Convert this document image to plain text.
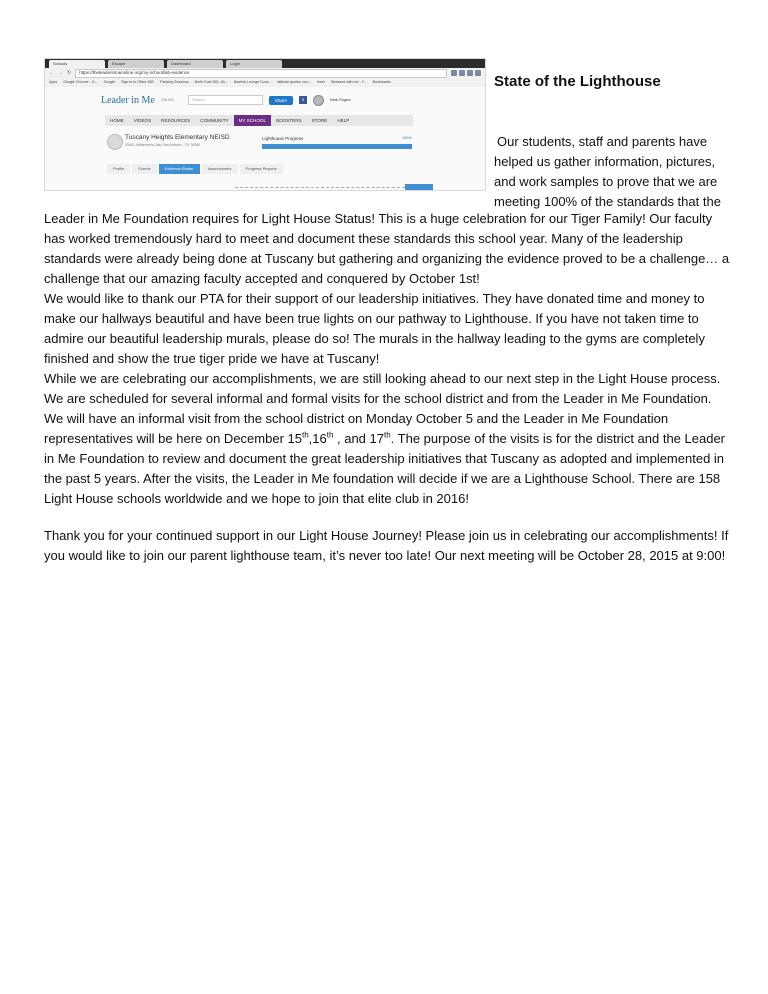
Schools	Escape	Dashboard	Login
← → ↻	https://theleaderinmeonline.org/my-school/lab-evidence
Apps Google Chrome - G... Google Sign in to Office 365 Thinking Sessions North East ISD, Uk... Bashful Lounge Cons... attitude quotes cou... Inner Stressed with me - Y... Bookmarks
Leader in Me ONLINE	Search	Share	3	Heidi Rogers
HOME	VIDEOS	RESOURCES	COMMUNITY	MY SCHOOL	BOOSTERS	STORE	HELP
Tuscany Heights Elementary NEISD
25001 Wilderness Oak San Antonio , TX 78260
Lighthouse Progress	100%
Profile	Events	Evidence Binder	Assessments	Progress Reports
State of the Lighthouse

Our students, staff and parents have
helped us gather information, pictures,
and work samples to prove that we are
meeting 100% of the standards that the

Leader in Me Foundation requires for Light House Status! This is a huge celebration for our Tiger Family! Our faculty has worked tremendously hard to meet and document these standards this school year. Many of the leadership standards were already being done at Tuscany but gathering and organizing the evidence proved to be a challenge… a challenge that our amazing faculty accepted and conquered by October 1st!

We would like to thank our PTA for their support of our leadership initiatives. They have donated time and money to make our hallways beautiful and have been true lights on our pathway to Lighthouse. If you have not taken time to admire our beautiful leadership murals, please do so! The murals in the hallway leading to the gyms are completely finished and show the true tiger pride we have at Tuscany!

While we are celebrating our accomplishments, we are still looking ahead to our next step in the Light House process. We are scheduled for several informal and formal visits for the school district and from the Leader in Me Foundation. We will have an informal visit from the school district on Monday October 5 and the Leader in Me Foundation representatives will be here on December 15th,16th , and 17th. The purpose of the visits is for the district and the Leader in Me Foundation to review and document the great leadership initiatives that Tuscany as adopted and implemented in the past 5 years. After the visits, the Leader in Me foundation will decide if we are a Lighthouse School. There are 158 Light House schools worldwide and we hope to join that elite club in 2016!

Thank you for your continued support in our Light House Journey! Please join us in celebrating our accomplishments! If you would like to join our parent lighthouse team, it’s never too late! Our next meeting will be October 28, 2015 at 9:00!
